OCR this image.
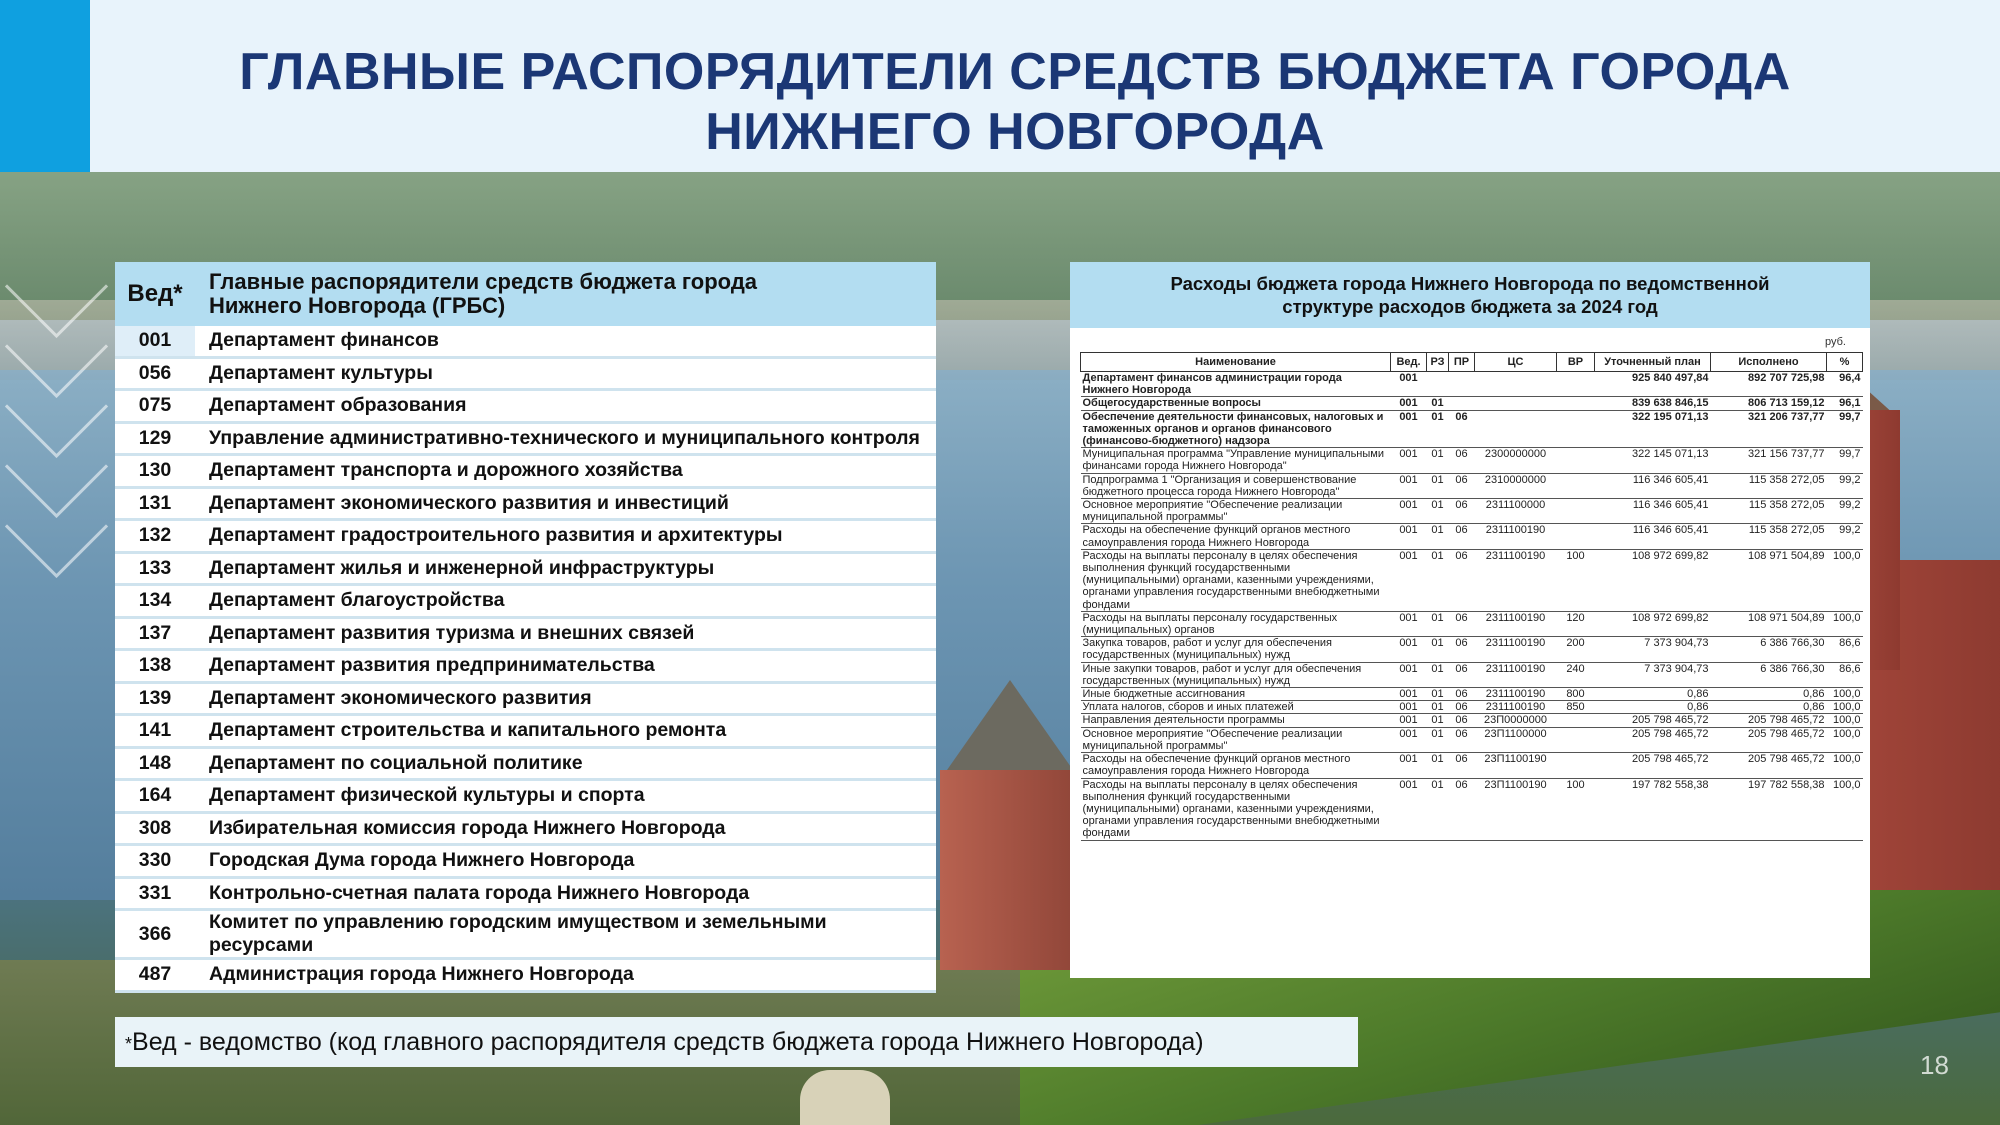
ГЛАВНЫЕ РАСПОРЯДИТЕЛИ СРЕДСТВ БЮДЖЕТА ГОРОДА
НИЖНЕГО НОВГОРОДА
Вед*	Главные распорядители средств бюджета города
Нижнего Новгорода (ГРБС)

001	Департамент финансов
056	Департамент культуры
075	Департамент образования
129	Управление административно-технического и муниципального контроля
130	Департамент транспорта и дорожного хозяйства
131	Департамент экономического развития и инвестиций
132	Департамент градостроительного развития и архитектуры
133	Департамент жилья и инженерной инфраструктуры
134	Департамент благоустройства
137	Департамент развития туризма и внешних связей
138	Департамент развития предпринимательства
139	Департамент экономического развития
141	Департамент строительства и капитального ремонта
148	Департамент по социальной политике
164	Департамент физической культуры и спорта
308	Избирательная комиссия города Нижнего Новгорода
330	Городская Дума города Нижнего Новгорода
331	Контрольно-счетная палата города Нижнего Новгорода
366	Комитет по управлению городским имуществом и земельными ресурсами
487	Администрация города Нижнего Новгорода
*Вед - ведомство (код главного распорядителя средств бюджета города Нижнего Новгорода)
Расходы бюджета города Нижнего Новгорода по ведомственной
структуре расходов бюджета за 2024 год
руб.
Наименование	Вед.	РЗ	ПР	ЦС	ВР	Уточненный план	Исполнено	%
Департамент финансов администрации города Нижнего Новгорода	001					925 840 497,84	892 707 725,98	96,4
Общегосударственные вопросы	001	01				839 638 846,15	806 713 159,12	96,1
Обеспечение деятельности финансовых, налоговых и таможенных органов и органов финансового (финансово-бюджетного) надзора	001	01	06			322 195 071,13	321 206 737,77	99,7
Муниципальная программа "Управление муниципальными финансами города Нижнего Новгорода"	001	01	06	2300000000		322 145 071,13	321 156 737,77	99,7
Подпрограмма 1 "Организация и совершенствование бюджетного процесса города Нижнего Новгорода"	001	01	06	2310000000		116 346 605,41	115 358 272,05	99,2
Основное мероприятие "Обеспечение реализации муниципальной программы"	001	01	06	2311100000		116 346 605,41	115 358 272,05	99,2
Расходы на обеспечение функций органов местного самоуправления города Нижнего Новгорода	001	01	06	2311100190		116 346 605,41	115 358 272,05	99,2
Расходы на выплаты персоналу в целях обеспечения выполнения функций государственными (муниципальными) органами, казенными учреждениями, органами управления государственными внебюджетными фондами	001	01	06	2311100190	100	108 972 699,82	108 971 504,89	100,0
Расходы на выплаты персоналу государственных (муниципальных) органов	001	01	06	2311100190	120	108 972 699,82	108 971 504,89	100,0
Закупка товаров, работ и услуг для обеспечения государственных (муниципальных) нужд	001	01	06	2311100190	200	7 373 904,73	6 386 766,30	86,6
Иные закупки товаров, работ и услуг для обеспечения государственных (муниципальных) нужд	001	01	06	2311100190	240	7 373 904,73	6 386 766,30	86,6
Иные бюджетные ассигнования	001	01	06	2311100190	800	0,86	0,86	100,0
Уплата налогов, сборов и иных платежей	001	01	06	2311100190	850	0,86	0,86	100,0
Направления деятельности программы	001	01	06	23П0000000		205 798 465,72	205 798 465,72	100,0
Основное мероприятие "Обеспечение реализации муниципальной программы"	001	01	06	23П1100000		205 798 465,72	205 798 465,72	100,0
Расходы на обеспечение функций органов местного самоуправления города Нижнего Новгорода	001	01	06	23П1100190		205 798 465,72	205 798 465,72	100,0
Расходы на выплаты персоналу в целях обеспечения выполнения функций государственными (муниципальными) органами, казенными учреждениями, органами управления государственными внебюджетными фондами	001	01	06	23П1100190	100	197 782 558,38	197 782 558,38	100,0
18
